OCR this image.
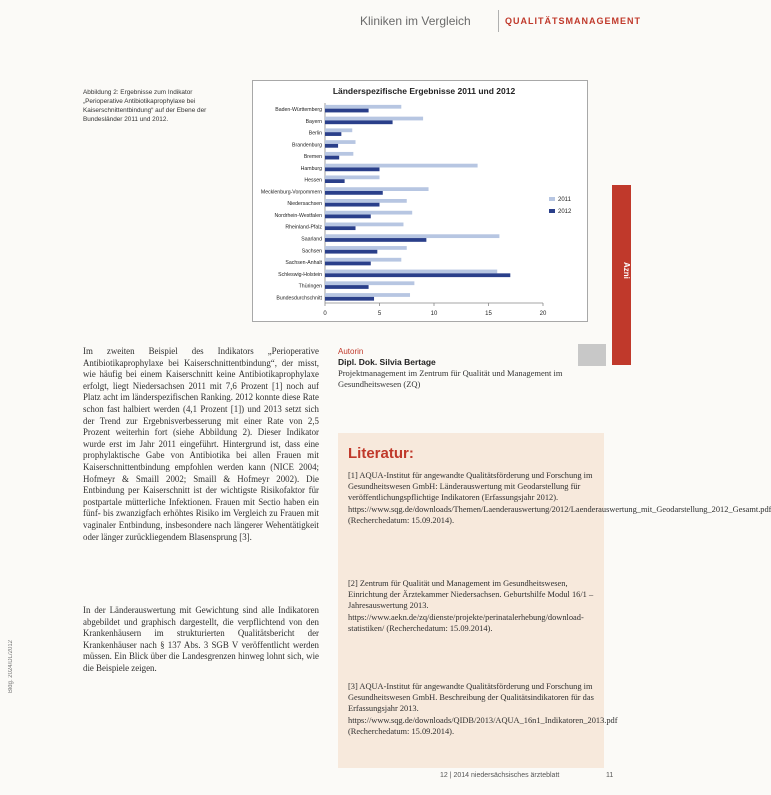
Kliniken im Vergleich	QUALITÄTSMANAGEMENT
Azni
Bldg. 2024/DL/2012
Abbildung 2: Ergebnisse zum Indikator „Perioperative Antibiotikaprophylaxe bei Kaiserschnittentbindung“ auf der Ebene der Bundesländer 2011 und 2012.
Länderspezifische Ergebnisse 2011 und 2012
Baden-Württemberg
Bayern
Berlin
Brandenburg
Bremen
Hamburg
Hessen
Mecklenburg-Vorpommern
Niedersachsen
Nordrhein-Westfalen
Rheinland-Pfalz
Saarland
Sachsen
Sachsen-Anhalt
Schleswig-Holstein
Thüringen
Bundesdurchschnitt
0	5	10	15	20
2011
2012
Im zweiten Beispiel des Indikators „Perioperative Antibiotikaprophylaxe bei Kaiserschnittentbindung“, der misst, wie häufig bei einem Kaiserschnitt keine Antibiotikaprophylaxe erfolgt, liegt Niedersachsen 2011 mit 7,6 Prozent [1] noch auf Platz acht im länderspezifischen Ranking. 2012 konnte diese Rate schon fast halbiert werden (4,1 Prozent [1]) und 2013 setzt sich der Trend zur Ergebnisverbesserung mit einer Rate von 2,5 Prozent weiterhin fort (siehe Abbildung 2). Dieser Indikator wurde erst im Jahr 2011 eingeführt. Hintergrund ist, dass eine prophylaktische Gabe von Antibiotika bei allen Frauen mit Kaiserschnittentbindung empfohlen werden kann (NICE 2004; Hofmeyr & Smaill 2002; Smaill & Hofmeyr 2002). Die Entbindung per Kaiserschnitt ist der wichtigste Risikofaktor für postpartale mütterliche Infektionen. Frauen mit Sectio haben ein fünf- bis zwanzigfach erhöhtes Risiko im Vergleich zu Frauen mit vaginaler Entbindung, insbesondere nach längerer Wehentätigkeit oder länger zurückliegendem Blasensprung [3].
In der Länderauswertung mit Gewichtung sind alle Indikatoren abgebildet und graphisch dargestellt, die verpflichtend von den Krankenhäusern im strukturierten Qualitätsbericht der Krankenhäuser nach § 137 Abs. 3 SGB V veröffentlicht werden müssen. Ein Blick über die Landesgrenzen hinweg lohnt sich, wie die Beispiele zeigen.
Autorin
Dipl. Dok. Silvia Bertage
Projektmanagement im Zentrum für Qualität und Management im Gesundheitswesen (ZQ)
Literatur:
[1] AQUA-Institut für angewandte Qualitätsförderung und Forschung im Gesundheitswesen GmbH: Länderauswertung mit Geodarstellung für veröffentlichungspflichtige Indikatoren (Erfassungsjahr 2012). https://www.sqg.de/downloads/Themen/Laenderauswertung/2012/Laenderauswertung_mit_Geodarstellung_2012_Gesamt.pdf (Recherchedatum: 15.09.2014).
[2] Zentrum für Qualität und Management im Gesundheitswesen, Einrichtung der Ärztekammer Niedersachsen. Geburtshilfe Modul 16/1 – Jahresauswertung 2013. https://www.aekn.de/zq/dienste/projekte/perinatalerhebung/download-statistiken/ (Recherchedatum: 15.09.2014).
[3] AQUA-Institut für angewandte Qualitätsförderung und Forschung im Gesundheitswesen GmbH. Beschreibung der Qualitätsindikatoren für das Erfassungsjahr 2013. https://www.sqg.de/downloads/QIDB/2013/AQUA_16n1_Indikatoren_2013.pdf (Recherchedatum: 15.09.2014).
12 | 2014 niedersächsisches ärzteblatt	11
